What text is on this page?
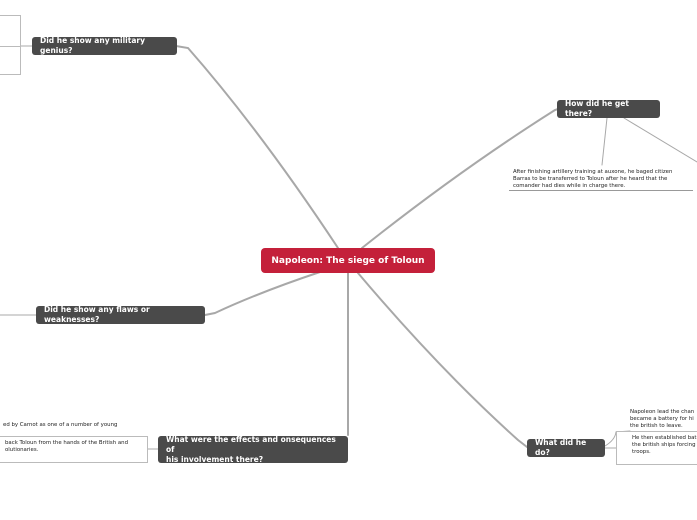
Napoleon: The siege of Toloun
Did he show any military genius?
How did he get there?
Did he show any flaws or weaknesses?
What were the effects and onsequences of
his involvement there?
What did he do?
After finishing artillery training at auxone, he baged citizen
Barras to be transferred to Toloun after he heard that the
comander had dies while in charge there.
ed by Carnot as one of a number of young
back Toloun from the hands of the British and
olutionaries.
Napoleon lead the chan
became a battery for hi
the british to leave.
He then established bat
the british ships forcing
troops.
